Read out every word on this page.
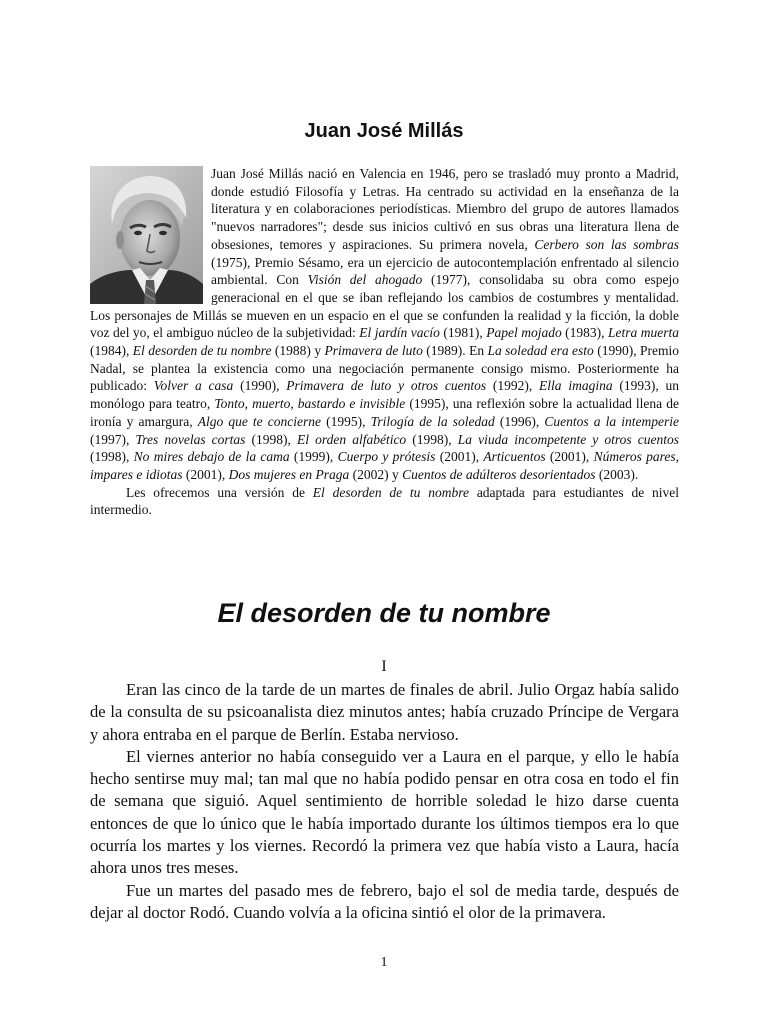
Juan José Millás

Juan José Millás nació en Valencia en 1946, pero se trasladó muy pronto a Madrid, donde estudió Filosofía y Letras. Ha centrado su actividad en la enseñanza de la literatura y en colaboraciones periodísticas. Miembro del grupo de autores llamados "nuevos narradores"; desde sus inicios cultivó en sus obras una literatura llena de obsesiones, temores y aspiraciones. Su primera novela, Cerbero son las sombras (1975), Premio Sésamo, era un ejercicio de autocontemplación enfrentado al silencio ambiental. Con Visión del ahogado (1977), consolidaba su obra como espejo generacional en el que se iban reflejando los cambios de costumbres y mentalidad. Los personajes de Millás se mueven en un espacio en el que se confunden la realidad y la ficción, la doble voz del yo, el ambiguo núcleo de la subjetividad: El jardín vacío (1981), Papel mojado (1983), Letra muerta (1984), El desorden de tu nombre (1988) y Primavera de luto (1989). En La soledad era esto (1990), Premio Nadal, se plantea la existencia como una negociación permanente consigo mismo. Posteriormente ha publicado: Volver a casa (1990), Primavera de luto y otros cuentos (1992), Ella imagina (1993), un monólogo para teatro, Tonto, muerto, bastardo e invisible (1995), una reflexión sobre la actualidad llena de ironía y amargura, Algo que te concierne (1995), Trilogía de la soledad (1996), Cuentos a la intemperie (1997), Tres novelas cortas (1998), El orden alfabético (1998), La viuda incompetente y otros cuentos (1998), No mires debajo de la cama (1999), Cuerpo y prótesis (2001), Articuentos (2001), Números pares, impares e idiotas (2001), Dos mujeres en Praga (2002) y Cuentos de adúlteros desorientados (2003).

Les ofrecemos una versión de El desorden de tu nombre adaptada para estudiantes de nivel intermedio.

El desorden de tu nombre
I

Eran las cinco de la tarde de un martes de finales de abril. Julio Orgaz había salido de la consulta de su psicoanalista diez minutos antes; había cruzado Príncipe de Vergara y ahora entraba en el parque de Berlín. Estaba nervioso.

El viernes anterior no había conseguido ver a Laura en el parque, y ello le había hecho sentirse muy mal; tan mal que no había podido pensar en otra cosa en todo el fin de semana que siguió. Aquel sentimiento de horrible soledad le hizo darse cuenta entonces de que lo único que le había importado durante los últimos tiempos era lo que ocurría los martes y los viernes. Recordó la primera vez que había visto a Laura, hacía ahora unos tres meses.

Fue un martes del pasado mes de febrero, bajo el sol de media tarde, después de dejar al doctor Rodó. Cuando volvía a la oficina sintió el olor de la primavera.

1
